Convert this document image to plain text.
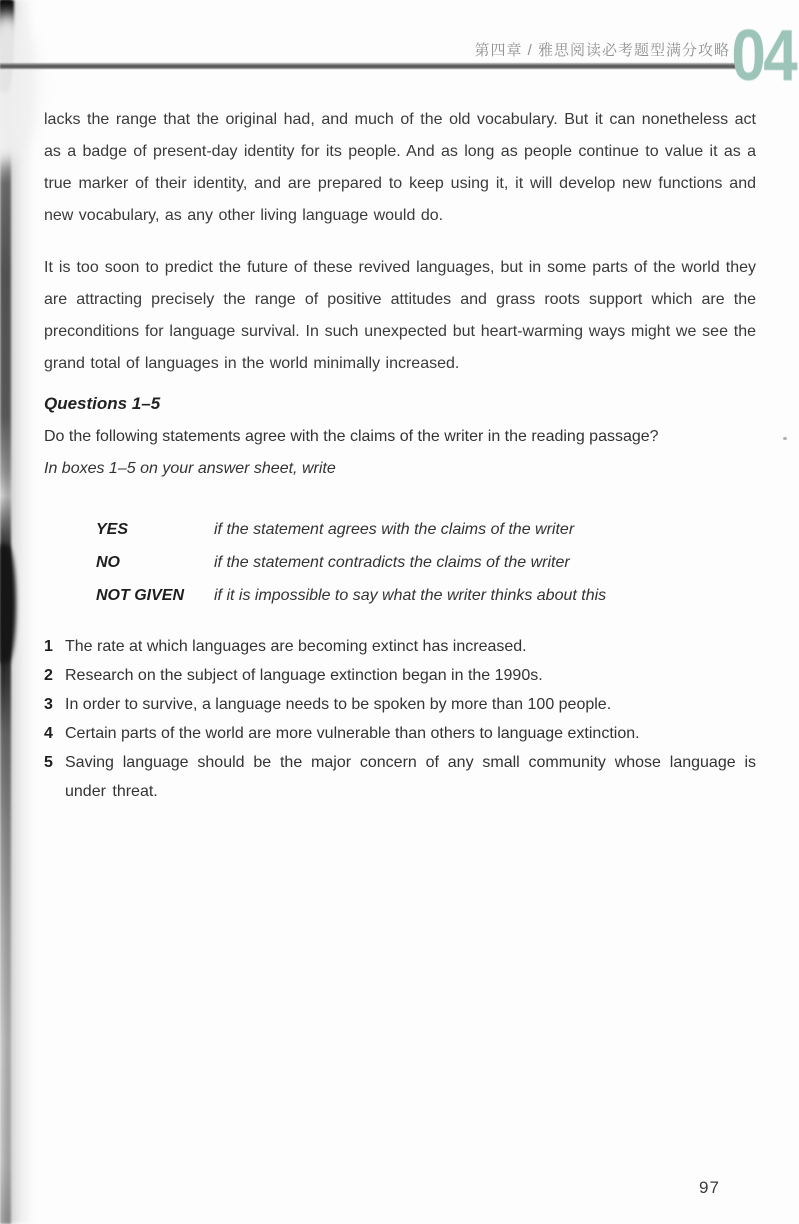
第四章 / 雅思阅读必考题型满分攻略 04

lacks the range that the original had, and much of the old vocabulary. But it can nonetheless act as a badge of present-day identity for its people. And as long as people continue to value it as a true marker of their identity, and are prepared to keep using it, it will develop new functions and new vocabulary, as any other living language would do.

It is too soon to predict the future of these revived languages, but in some parts of the world they are attracting precisely the range of positive attitudes and grass roots support which are the preconditions for language survival. In such unexpected but heart-warming ways might we see the grand total of languages in the world minimally increased.

Questions 1–5
Do the following statements agree with the claims of the writer in the reading passage?
In boxes 1–5 on your answer sheet, write
YES	if the statement agrees with the claims of the writer
NO	if the statement contradicts the claims of the writer
NOT GIVEN	if it is impossible to say what the writer thinks about this
1 The rate at which languages are becoming extinct has increased.
2 Research on the subject of language extinction began in the 1990s.
3 In order to survive, a language needs to be spoken by more than 100 people.
4 Certain parts of the world are more vulnerable than others to language extinction.
5 Saving language should be the major concern of any small community whose language is under threat.
97
